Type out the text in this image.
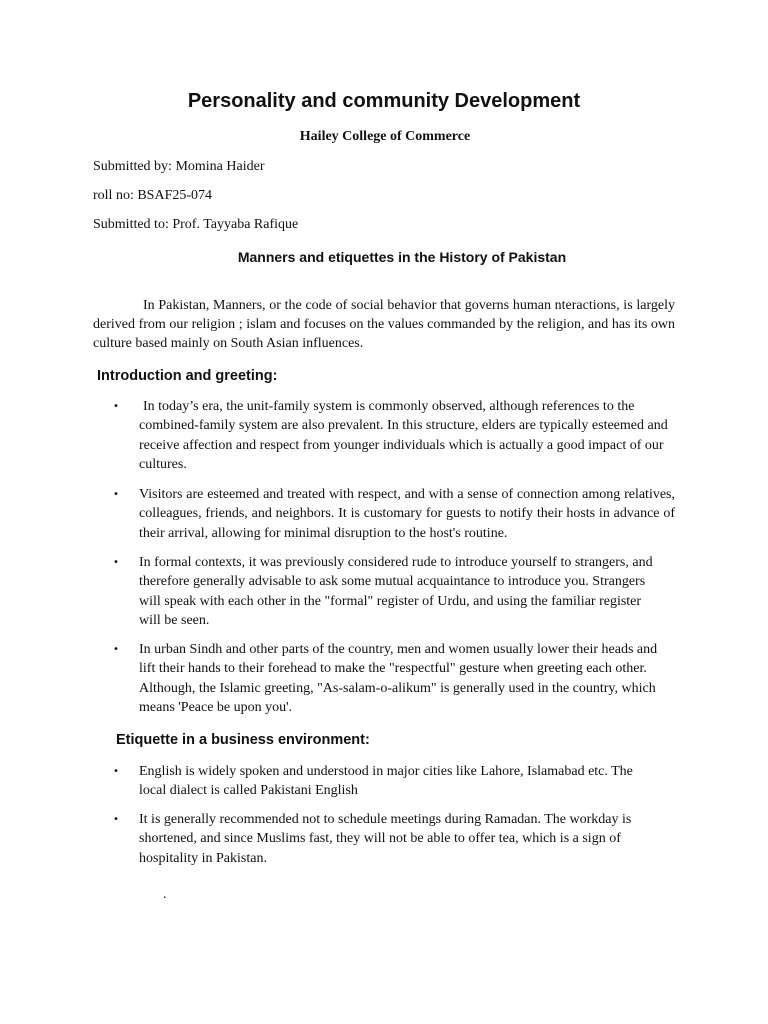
Personality and community Development

Hailey College of Commerce

Submitted by: Momina Haider

roll no: BSAF25-074

Submitted to: Prof. Tayyaba Rafique

Manners and etiquettes in the History of Pakistan

In Pakistan, Manners, or the code of social behavior that governs human nteractions, is largely derived from our religion ; islam and focuses on the values commanded by the religion, and has its own culture based mainly on South Asian influences.

Introduction and greeting:
• In today’s era, the unit-family system is commonly observed, although references to the combined-family system are also prevalent. In this structure, elders are typically esteemed and receive affection and respect from younger individuals which is actually a good impact of our cultures.
• Visitors are esteemed and treated with respect, and with a sense of connection among relatives, colleagues, friends, and neighbors. It is customary for guests to notify their hosts in advance of their arrival, allowing for minimal disruption to the host's routine.
• In formal contexts, it was previously considered rude to introduce yourself to strangers, and therefore generally advisable to ask some mutual acquaintance to introduce you. Strangers will speak with each other in the "formal" register of Urdu, and using the familiar register will be seen.
• In urban Sindh and other parts of the country, men and women usually lower their heads and lift their hands to their forehead to make the "respectful" gesture when greeting each other. Although, the Islamic greeting, "As-salam-o-alikum" is generally used in the country, which means 'Peace be upon you'.
Etiquette in a business environment:
• English is widely spoken and understood in major cities like Lahore, Islamabad etc. The local dialect is called Pakistani English
• It is generally recommended not to schedule meetings during Ramadan. The workday is shortened, and since Muslims fast, they will not be able to offer tea, which is a sign of hospitality in Pakistan.
.
